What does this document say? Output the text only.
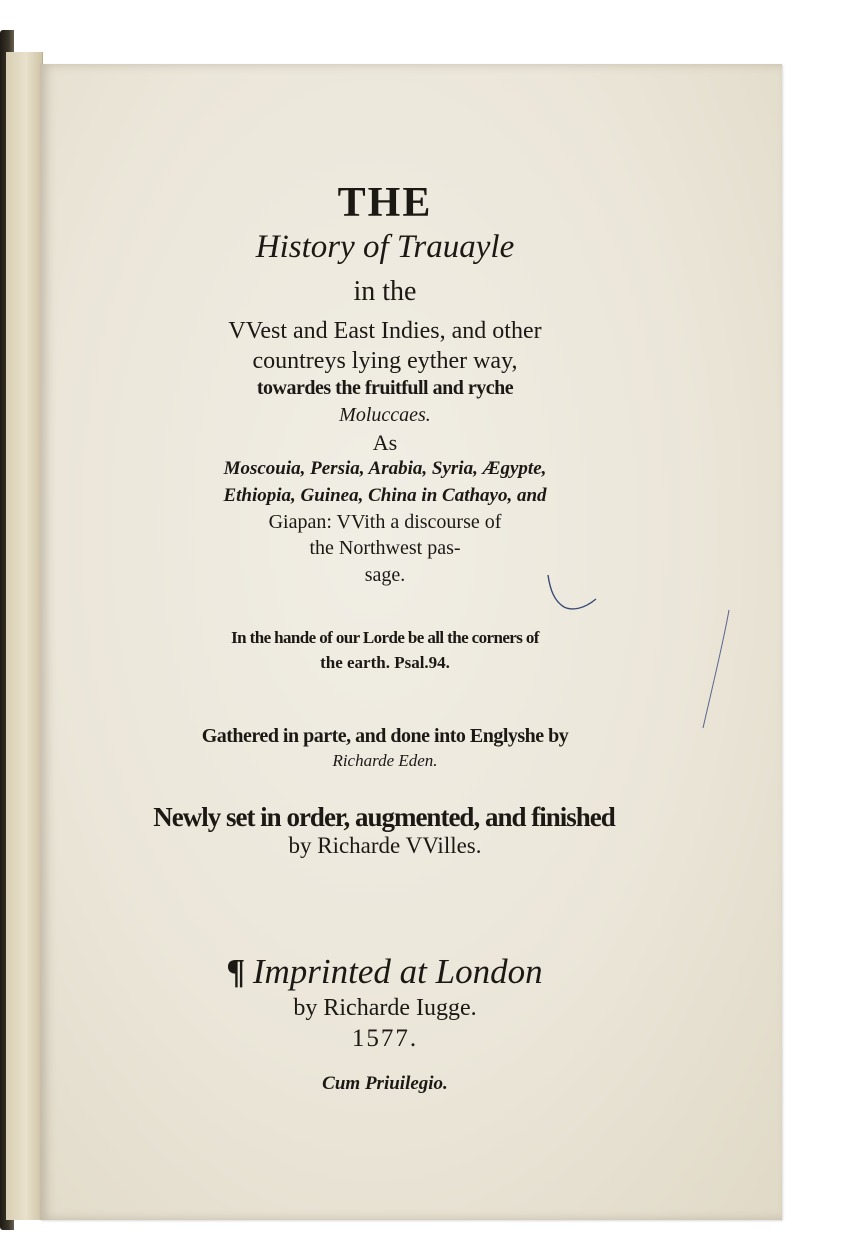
THE
History of Trauayle
in the
VVest and East Indies, and other
countreys lying eyther way,
towardes the fruitfull and ryche
Moluccaes.
As
Moscouia, Persia, Arabia, Syria, Ægypte,
Ethiopia, Guinea, China in Cathayo, and
Giapan: VVith a discourse of
the Northwest pas-
sage.
In the hande of our Lorde be all the corners of
the earth. Psal.94.
Gathered in parte, and done into Englyshe by
Richarde Eden.
Newly set in order, augmented, and finished
by Richarde VVilles.
¶ Imprinted at London
by Richarde Iugge.
1577.
Cum Priuilegio.
